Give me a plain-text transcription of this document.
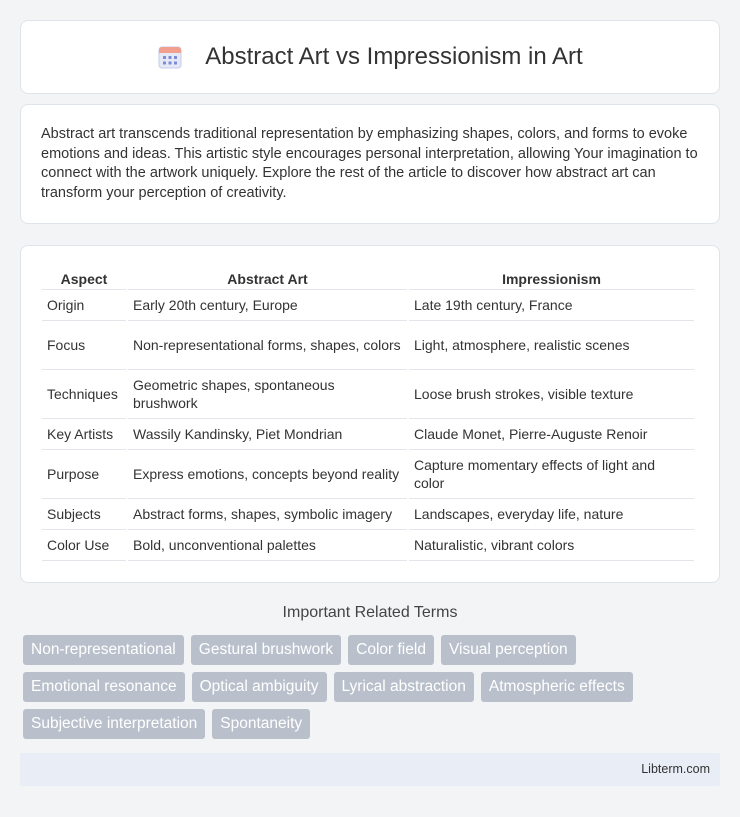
Abstract Art vs Impressionism in Art

Abstract art transcends traditional representation by emphasizing shapes, colors, and forms to evoke emotions and ideas. This artistic style encourages personal interpretation, allowing Your imagination to connect with the artwork uniquely. Explore the rest of the article to discover how abstract art can transform your perception of creativity.

Aspect	Abstract Art	Impressionism
Origin	Early 20th century, Europe	Late 19th century, France
Focus	Non-representational forms, shapes, colors	Light, atmosphere, realistic scenes
Techniques	Geometric shapes, spontaneous brushwork	Loose brush strokes, visible texture
Key Artists	Wassily Kandinsky, Piet Mondrian	Claude Monet, Pierre-Auguste Renoir
Purpose	Express emotions, concepts beyond reality	Capture momentary effects of light and color
Subjects	Abstract forms, shapes, symbolic imagery	Landscapes, everyday life, nature
Color Use	Bold, unconventional palettes	Naturalistic, vibrant colors
Important Related Terms
Non-representational	Gestural brushwork	Color field	Visual perception
Emotional resonance	Optical ambiguity	Lyrical abstraction	Atmospheric effects
Subjective interpretation	Spontaneity
Libterm.com
